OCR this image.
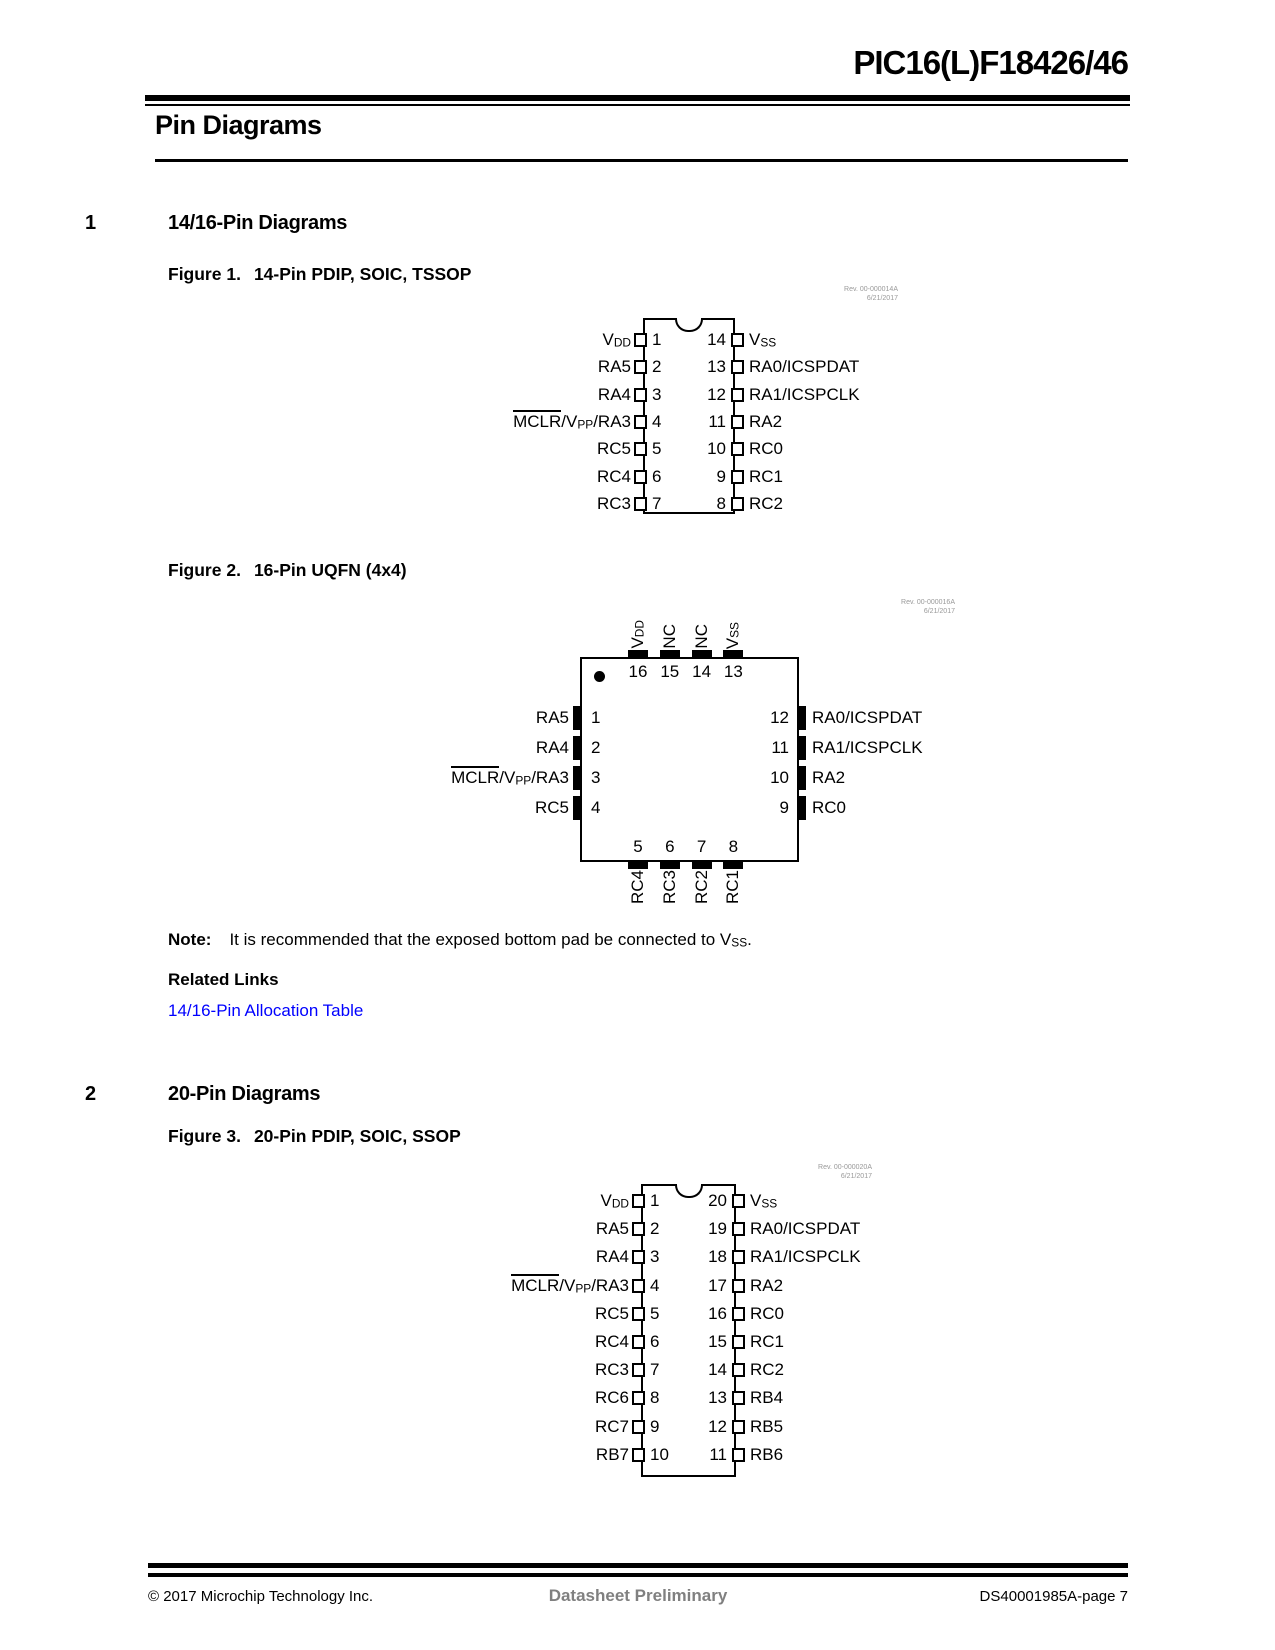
PIC16(L)F18426/46
Pin Diagrams
1	14/16-Pin Diagrams
Figure 1. 14-Pin PDIP, SOIC, TSSOP
Rev. 00-000014A
6/21/2017
VDD 1	14 VSS
RA5 2	13 RA0/ICSPDAT
RA4 3	12 RA1/ICSPCLK
MCLR/VPP/RA3 4	11 RA2
RC5 5	10 RC0
RC4 6	9 RC1
RC3 7	8 RC2
Figure 2. 16-Pin UQFN (4x4)
Rev. 00-000016A
6/21/2017
16
VDD
15
NC
14
NC
13
VSS
5
RC4
6
RC3
7
RC2
8
RC1
1
RA5
2
RA4
3
MCLR/VPP/RA3
4
RC5
12 RA0/ICSPDAT
11 RA1/ICSPCLK
10 RA2
9 RC0
Note: It is recommended that the exposed bottom pad be connected to VSS.
Related Links
14/16-Pin Allocation Table
2	20-Pin Diagrams
Figure 3. 20-Pin PDIP, SOIC, SSOP
Rev. 00-000020A
6/21/2017
VDD 1	20 VSS
RA5 2	19 RA0/ICSPDAT
RA4 3	18 RA1/ICSPCLK
MCLR/VPP/RA3 4	17 RA2
RC5 5	16 RC0
RC4 6	15 RC1
RC3 7	14 RC2
RC6 8	13 RB4
RC7 9	12 RB5
RB7 10 11 RB6
© 2017 Microchip Technology Inc.	Datasheet Preliminary	DS40001985A-page 7
